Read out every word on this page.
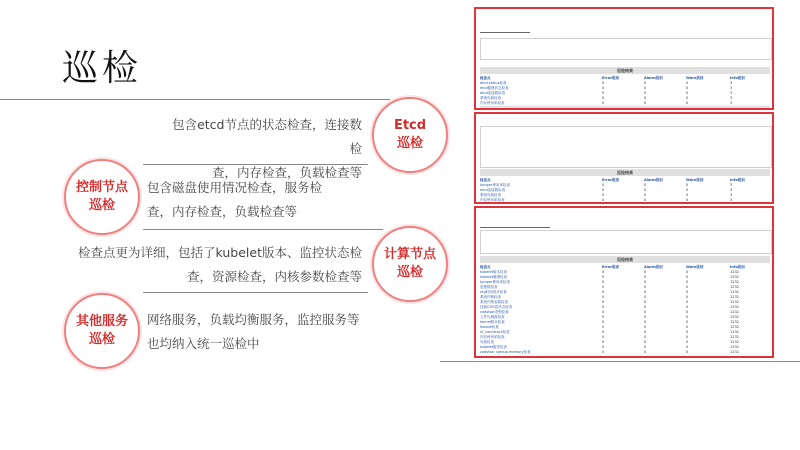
巡检
包含etcd节点的状态检查，连接数检
查，内存检查，负载检查等
Etcd
巡检
控制节点
巡检
包含磁盘使用情况检查，服务检
查，内存检查，负载检查等
检查点更为详细，包括了kubelet版本、监控状态检
查，资源检查，内核参数检查等
计算节点
巡检
其他服务
巡检
网络服务，负载均衡服务，监控服务等
也均纳入统一巡检中
巡检结果
检查点	Error级别	Alarm级别	Warn级别	Info级别
etcd status检查	0	0	0	3
etcd健康状态检查	0	0	0	3
etcd连接数检查	0	0	0	3
系统负载检查	0	0	0	3
内存使用率检查	0	0	0	3
巡检结果
检查点	Error级别	Alarm级别	Warn级别	Info级别
Jumper使用率检查	0	0	0	3
etcd连接数检查	0	0	0	3
系统负载检查	0	0	0	3
内存使用率检查	0	0	0	3
巡检结果
检查点	Error级别	Alarm级别	Warn级别	Info级别
kubelet版本检查	0	0	0	1232
kubelet健康检查	0	0	0	1232
Jumper使用率检查	0	0	0	1232
进程数检查	0	0	0	1232
ntp时间同步检查	0	0	0	1232
系统内核检查	0	0	0	1232
系统内核参数检查	0	0	0	1232
挂载CIFS卷状态检查	0	0	0	1232
cadvisor进程检查	0	0	0	1232
文件句柄数检查	0	0	0	1232
kernel版本检查	0	0	0	1232
fsnode检查	0	0	0	1232
nf_conntrack检查	0	0	0	1232
内存使用率检查	0	0	0	1232
负载检查	0	0	0	1232
kubelet服务检查	0	0	0	1232
cadvisor cgroup memory检查	0	0	0	1232
